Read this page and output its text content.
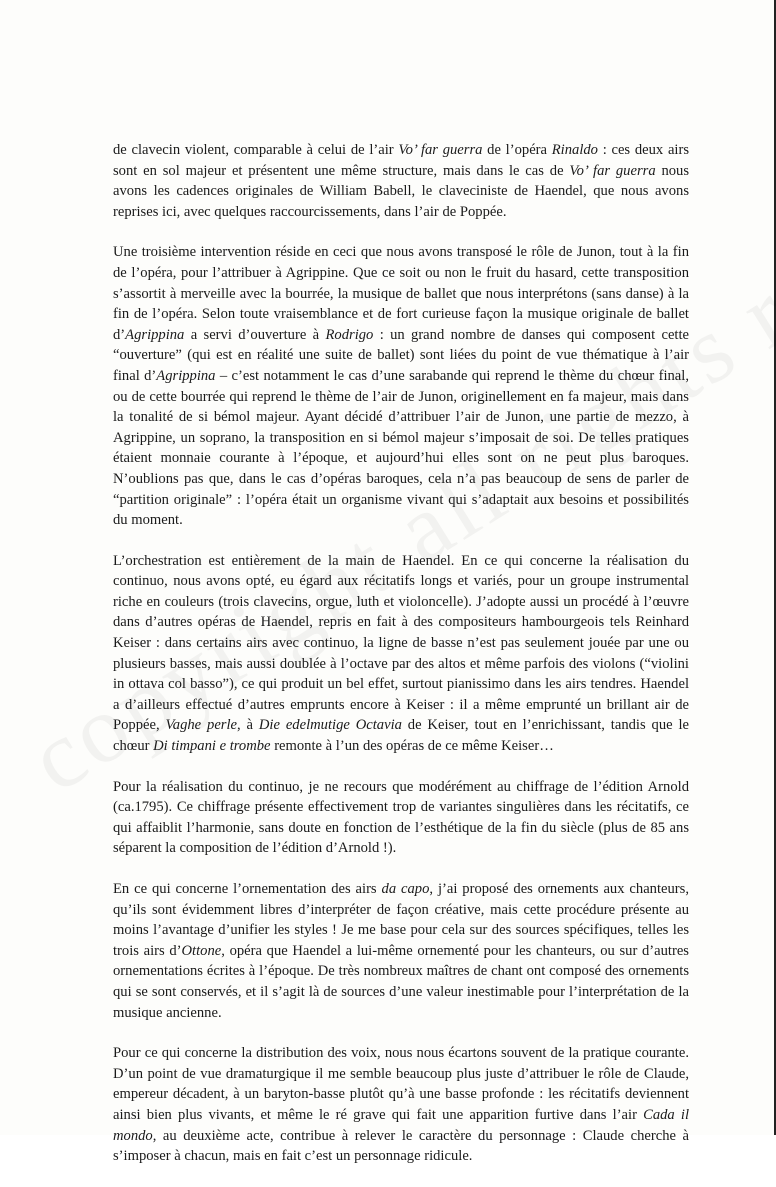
de clavecin violent, comparable à celui de l’air Vo’ far guerra de l’opéra Rinaldo : ces deux airs sont en sol majeur et présentent une même structure, mais dans le cas de Vo’ far guerra nous avons les cadences originales de William Babell, le claveciniste de Haendel, que nous avons reprises ici, avec quelques raccourcissements, dans l’air de Poppée.

Une troisième intervention réside en ceci que nous avons transposé le rôle de Junon, tout à la fin de l’opéra, pour l’attribuer à Agrippine. Que ce soit ou non le fruit du hasard, cette transposition s’assortit à merveille avec la bourrée, la musique de ballet que nous interprétons (sans danse) à la fin de l’opéra. Selon toute vraisemblance et de fort curieuse façon la musique originale de ballet d’Agrippina a servi d’ouverture à Rodrigo : un grand nombre de danses qui composent cette “ouverture” (qui est en réalité une suite de ballet) sont liées du point de vue thématique à l’air final d’Agrippina – c’est notamment le cas d’une sarabande qui reprend le thème du chœur final, ou de cette bourrée qui reprend le thème de l’air de Junon, originellement en fa majeur, mais dans la tonalité de si bémol majeur. Ayant décidé d’attribuer l’air de Junon, une partie de mezzo, à Agrippine, un soprano, la transposition en si bémol majeur s’imposait de soi. De telles pratiques étaient monnaie courante à l’époque, et aujourd’hui elles sont on ne peut plus baroques. N’oublions pas que, dans le cas d’opéras baroques, cela n’a pas beaucoup de sens de parler de “partition originale” : l’opéra était un organisme vivant qui s’adaptait aux besoins et possibilités du moment.

L’orchestration est entièrement de la main de Haendel. En ce qui concerne la réalisation du continuo, nous avons opté, eu égard aux récitatifs longs et variés, pour un groupe instrumental riche en couleurs (trois clavecins, orgue, luth et violoncelle). J’adopte aussi un procédé à l’œuvre dans d’autres opéras de Haendel, repris en fait à des compositeurs hambourgeois tels Reinhard Keiser : dans certains airs avec continuo, la ligne de basse n’est pas seulement jouée par une ou plusieurs basses, mais aussi doublée à l’octave par des altos et même parfois des violons (“violini in ottava col basso”), ce qui produit un bel effet, surtout pianissimo dans les airs tendres. Haendel a d’ailleurs effectué d’autres emprunts encore à Keiser : il a même emprunté un brillant air de Poppée, Vaghe perle, à Die edelmutige Octavia de Keiser, tout en l’enrichissant, tandis que le chœur Di timpani e trombe remonte à l’un des opéras de ce même Keiser…

Pour la réalisation du continuo, je ne recours que modérément au chiffrage de l’édition Arnold (ca.1795). Ce chiffrage présente effectivement trop de variantes singulières dans les récitatifs, ce qui affaiblit l’harmonie, sans doute en fonction de l’esthétique de la fin du siècle (plus de 85 ans séparent la composition de l’édition d’Arnold !).

En ce qui concerne l’ornementation des airs da capo, j’ai proposé des ornements aux chanteurs, qu’ils sont évidemment libres d’interpréter de façon créative, mais cette procédure présente au moins l’avantage d’unifier les styles ! Je me base pour cela sur des sources spécifiques, telles les trois airs d’Ottone, opéra que Haendel a lui-même ornementé pour les chanteurs, ou sur d’autres ornementations écrites à l’époque. De très nombreux maîtres de chant ont composé des ornements qui se sont conservés, et il s’agit là de sources d’une valeur inestimable pour l’interprétation de la musique ancienne.

Pour ce qui concerne la distribution des voix, nous nous écartons souvent de la pratique courante. D’un point de vue dramaturgique il me semble beaucoup plus juste d’attribuer le rôle de Claude, empereur décadent, à un baryton-basse plutôt qu’à une basse profonde : les récitatifs deviennent ainsi bien plus vivants, et même le ré grave qui fait une apparition furtive dans l’air Cada il mondo, au deuxième acte, contribue à relever le caractère du personnage : Claude cherche à s’imposer à chacun, mais en fait c’est un personnage ridicule.
